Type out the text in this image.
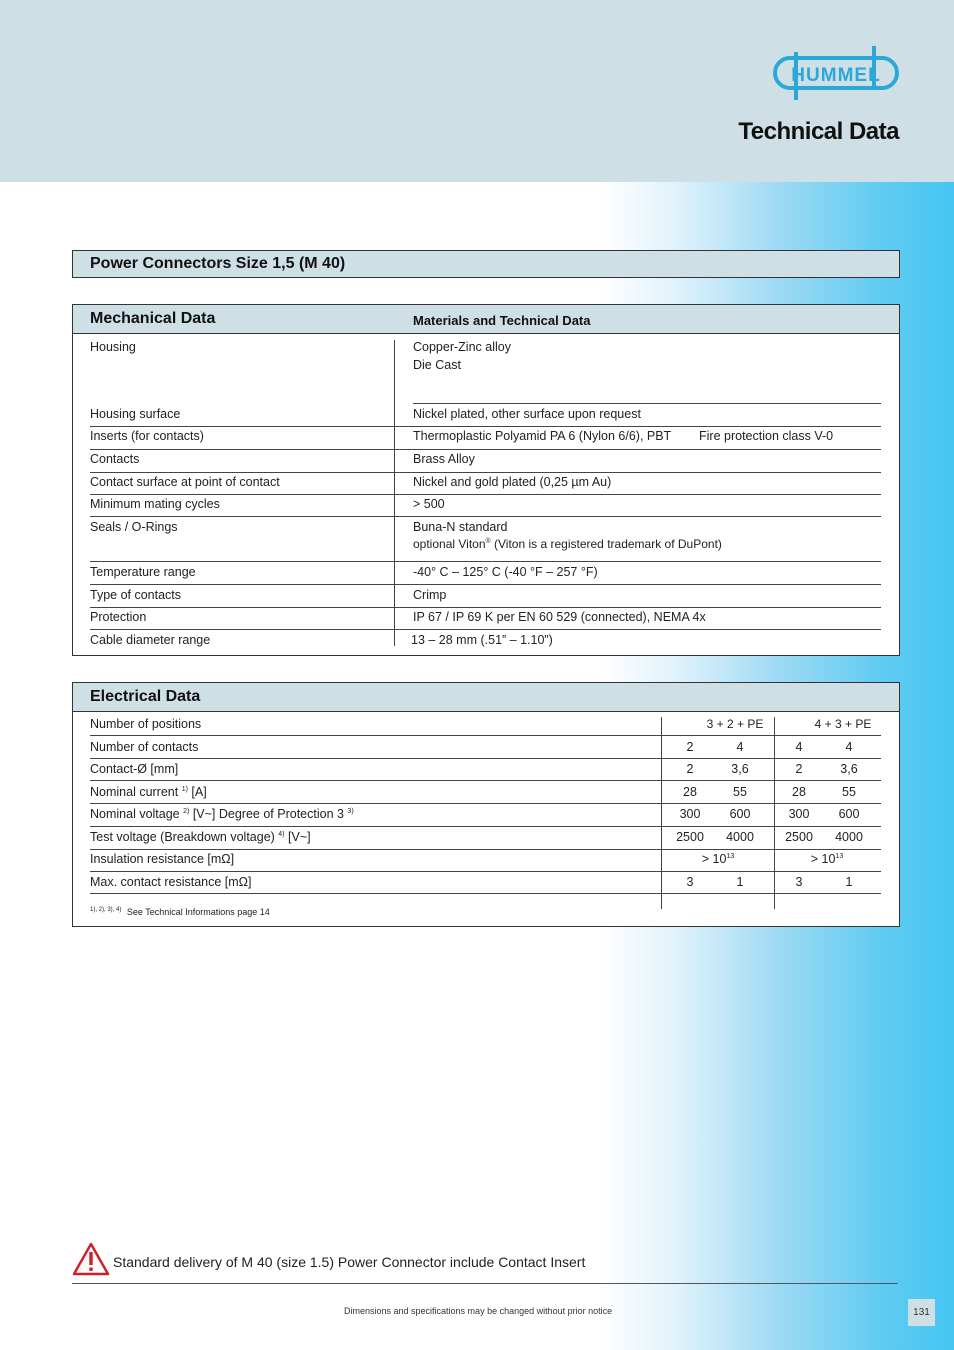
HUMMEL
Technical Data
Power Connectors Size 1,5 (M 40)
Mechanical Data	Materials and Technical Data
Housing	Copper-Zinc alloy
Die Cast
Housing surface	Nickel plated, other surface upon request
Inserts (for contacts)	Thermoplastic Polyamid PA 6 (Nylon 6/6), PBT Fire protection class V-0
Contacts	Brass Alloy
Contact surface at point of contact	Nickel and gold plated (0,25 µm Au)
Minimum mating cycles	> 500
Seals / O-Rings	Buna-N standard
optional Viton® (Viton is a registered trademark of DuPont)
Temperature range	-40° C – 125° C (-40 °F – 257 °F)
Type of contacts	Crimp
Protection	IP 67 / IP 69 K per EN 60 529 (connected), NEMA 4x
Cable diameter range	13 – 28 mm (.51” – 1.10”)
Electrical Data
Number of positions	3 + 2 + PE	4 + 3 + PE
Number of contacts	2	4	4	4
Contact-Ø [mm]	2	3,6	2	3,6
Nominal current $^{1)}$ [A]	28	55	28	55
Nominal voltage $^{2)}$ [V~] Degree of Protection 3 $^{3)}$	300	600	300	600
Test voltage (Breakdown voltage) $^{4)}$ [V~]	2500	4000	2500	4000
Insulation resistance [mΩ]	> $10^{13}$	> $10^{13}$
Max. contact resistance [mΩ]	3	1	3	1
$^{1), 2), 3), 4)}$ See Technical Informations page 14
Standard delivery of M 40 (size 1.5) Power Connector include Contact Insert
Dimensions and specifications may be changed without prior notice	131
